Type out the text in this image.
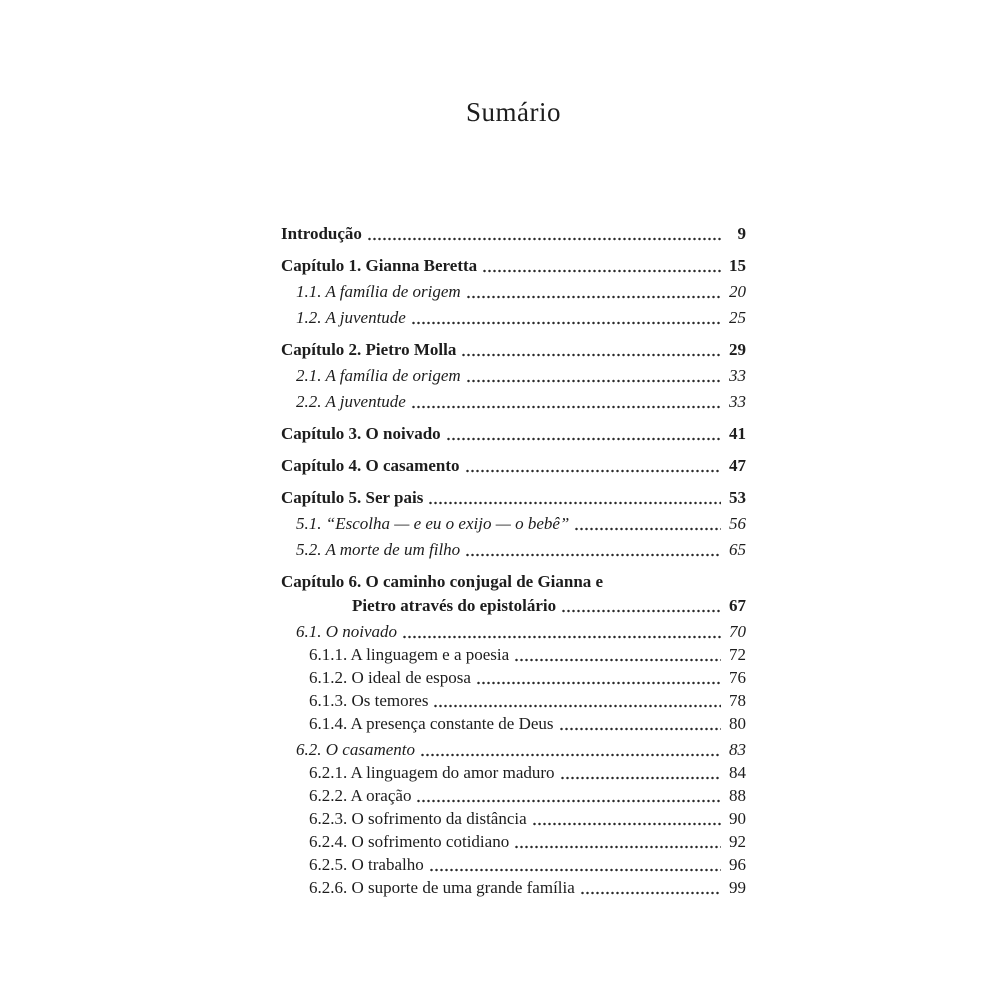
Sumário
Introdução	9
Capítulo 1. Gianna Beretta	15
1.1. A família de origem	20
1.2. A juventude	25
Capítulo 2. Pietro Molla	29
2.1. A família de origem	33
2.2. A juventude	33
Capítulo 3. O noivado	41
Capítulo 4. O casamento	47
Capítulo 5. Ser pais	53
5.1. “Escolha — e eu o exijo — o bebê”	56
5.2. A morte de um filho	65
Capítulo 6. O caminho conjugal de Gianna e
Pietro através do epistolário	67
6.1. O noivado	70
6.1.1. A linguagem e a poesia	72
6.1.2. O ideal de esposa	76
6.1.3. Os temores	78
6.1.4. A presença constante de Deus	80
6.2. O casamento	83
6.2.1. A linguagem do amor maduro	84
6.2.2. A oração	88
6.2.3. O sofrimento da distância	90
6.2.4. O sofrimento cotidiano	92
6.2.5. O trabalho	96
6.2.6. O suporte de uma grande família	99
